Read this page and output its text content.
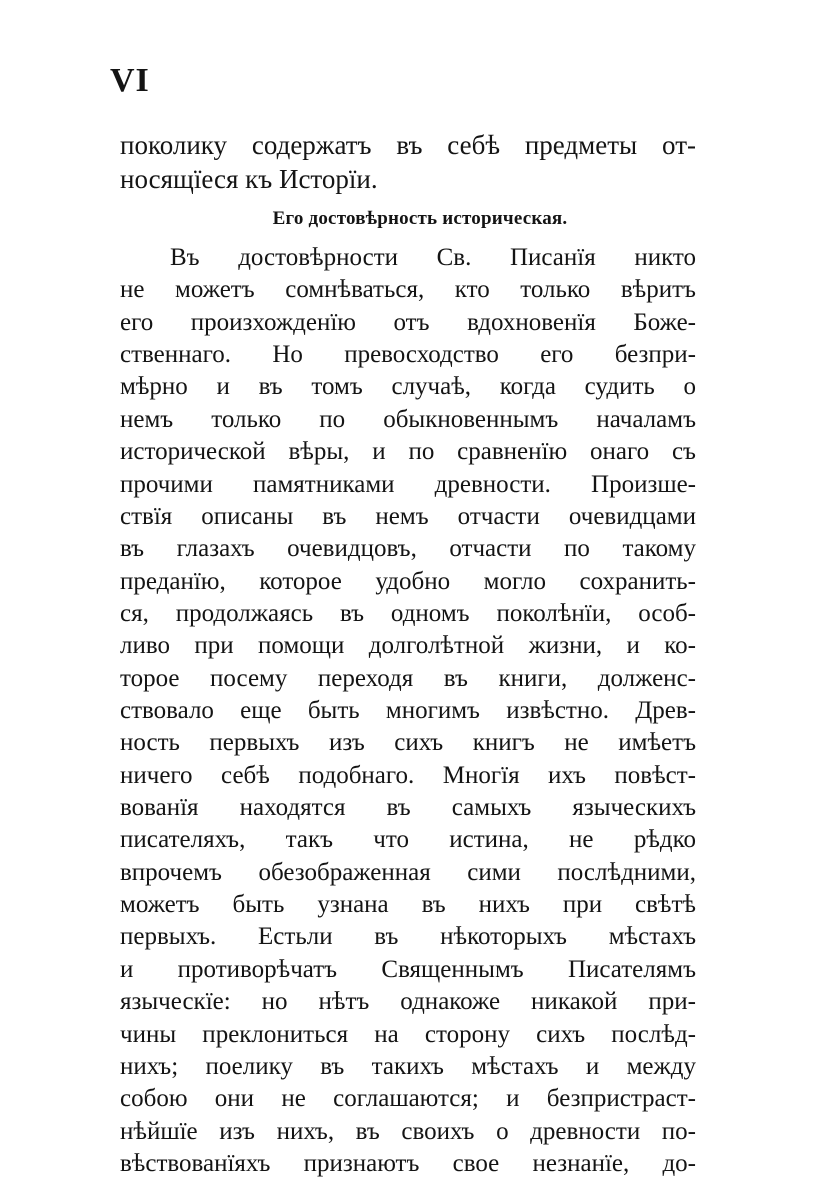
VI
поколику содержатъ въ себѣ предметы от-
носящїеся къ Исторїи.
Его достовѣрность историческая.
Въ достовѣрности Св. Писанїя никто
не можетъ сомнѣваться, кто только вѣритъ
его произхожденїю отъ вдохновенїя Боже-
ственнаго. Но превосходство его безпри-
мѣрно и въ томъ случаѣ, когда судить о
немъ только по обыкновеннымъ началамъ
исторической вѣры, и по сравненїю онаго съ
прочими памятниками древности. Произше-
ствїя описаны въ немъ отчасти очевидцами
въ глазахъ очевидцовъ, отчасти по такому
преданїю, которое удобно могло сохранить-
ся, продолжаясь въ одномъ поколѣнїи, особ-
ливо при помощи долголѣтной жизни, и ко-
торое посему переходя въ книги, долженс-
ствовало еще быть многимъ извѣстно. Древ-
ность первыхъ изъ сихъ книгъ не имѣетъ
ничего себѣ подобнаго. Многїя ихъ повѣст-
вованїя находятся въ самыхъ языческихъ
писателяхъ, такъ что истина, не рѣдко
впрочемъ обезображенная сими послѣдними,
можетъ быть узнана въ нихъ при свѣтѣ
первыхъ. Естьли въ нѣкоторыхъ мѣстахъ
и противорѣчатъ Священнымъ Писателямъ
языческїе: но нѣтъ однакоже никакой при-
чины преклониться на сторону сихъ послѣд-
нихъ; поелику въ такихъ мѣстахъ и между
собою они не соглашаются; и безпристраст-
нѣйшїе изъ нихъ, въ своихъ о древности по-
вѣствованїяхъ признаютъ свое незнанїе, до-
